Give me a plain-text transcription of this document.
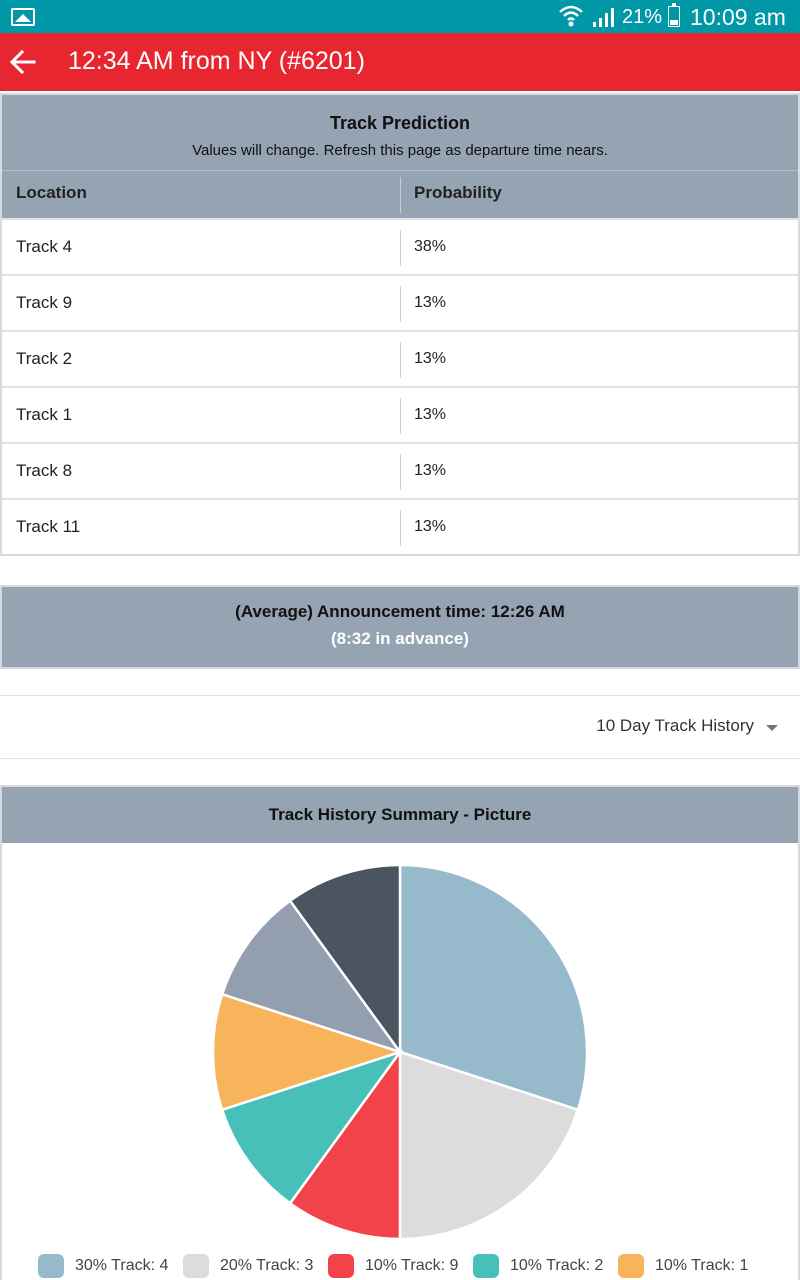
21% 10:09 am
12:34 AM from NY (#6201)
Track Prediction
Values will change. Refresh this page as departure time nears.
Location	Probability
Track 4	38%
Track 9	13%
Track 2	13%
Track 1	13%
Track 8	13%
Track 11	13%
(Average) Announcement time: 12:26 AM
(8:32 in advance)
10 Day Track History
Track History Summary - Picture
30% Track: 4	20% Track: 3	10% Track: 9	10% Track: 2	10% Track: 1
